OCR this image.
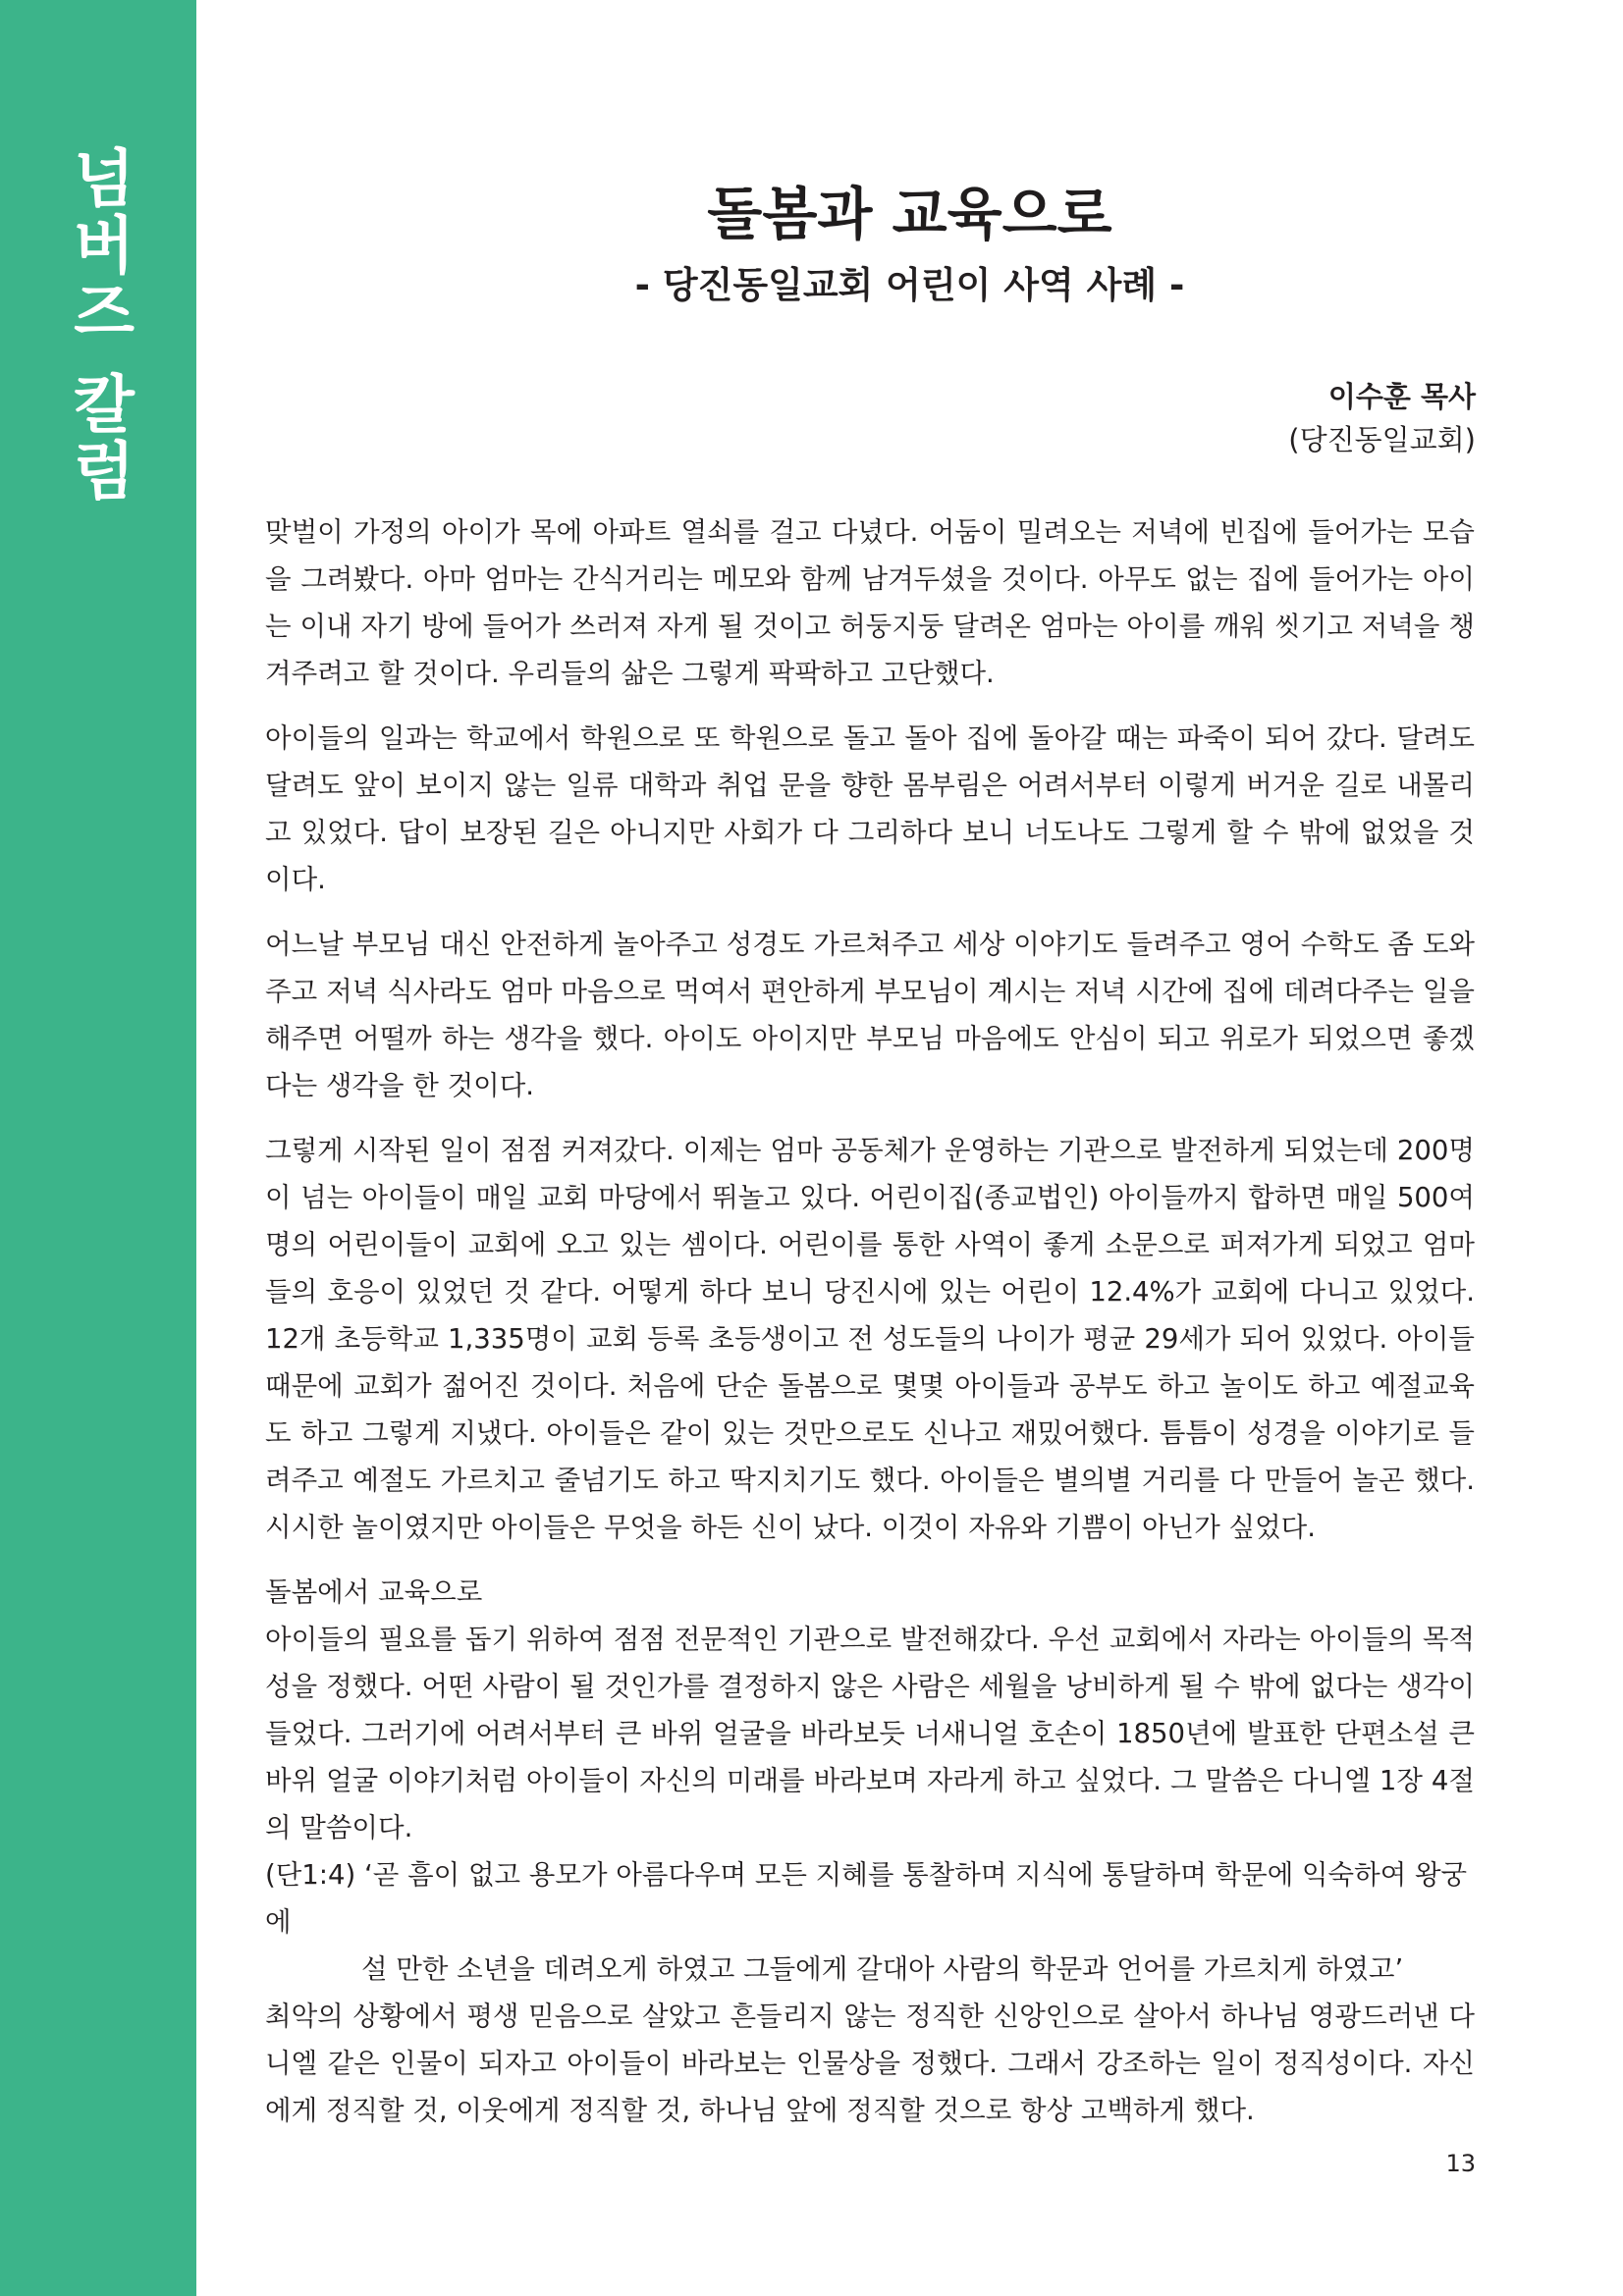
넘버즈 칼럼	돌봄과 교육으로
- 당진동일교회 어린이 사역 사례 -
이수훈 목사
(당진동일교회)

맞벌이 가정의 아이가 목에 아파트 열쇠를 걸고 다녔다. 어둠이 밀려오는 저녁에 빈집에 들어가는 모습을 그려봤다. 아마 엄마는 간식거리는 메모와 함께 남겨두셨을 것이다. 아무도 없는 집에 들어가는 아이는 이내 자기 방에 들어가 쓰러져 자게 될 것이고 허둥지둥 달려온 엄마는 아이를 깨워 씻기고 저녁을 챙겨주려고 할 것이다. 우리들의 삶은 그렇게 팍팍하고 고단했다.

아이들의 일과는 학교에서 학원으로 또 학원으로 돌고 돌아 집에 돌아갈 때는 파죽이 되어 갔다. 달려도 달려도 앞이 보이지 않는 일류 대학과 취업 문을 향한 몸부림은 어려서부터 이렇게 버거운 길로 내몰리고 있었다. 답이 보장된 길은 아니지만 사회가 다 그리하다 보니 너도나도 그렇게 할 수 밖에 없었을 것이다.

어느날 부모님 대신 안전하게 놀아주고 성경도 가르쳐주고 세상 이야기도 들려주고 영어 수학도 좀 도와주고 저녁 식사라도 엄마 마음으로 먹여서 편안하게 부모님이 계시는 저녁 시간에 집에 데려다주는 일을 해주면 어떨까 하는 생각을 했다. 아이도 아이지만 부모님 마음에도 안심이 되고 위로가 되었으면 좋겠다는 생각을 한 것이다.

그렇게 시작된 일이 점점 커져갔다. 이제는 엄마 공동체가 운영하는 기관으로 발전하게 되었는데 200명이 넘는 아이들이 매일 교회 마당에서 뛰놀고 있다. 어린이집(종교법인) 아이들까지 합하면 매일 500여명의 어린이들이 교회에 오고 있는 셈이다. 어린이를 통한 사역이 좋게 소문으로 퍼져가게 되었고 엄마들의 호응이 있었던 것 같다. 어떻게 하다 보니 당진시에 있는 어린이 12.4%가 교회에 다니고 있었다. 12개 초등학교 1,335명이 교회 등록 초등생이고 전 성도들의 나이가 평균 29세가 되어 있었다. 아이들 때문에 교회가 젊어진 것이다. 처음에 단순 돌봄으로 몇몇 아이들과 공부도 하고 놀이도 하고 예절교육도 하고 그렇게 지냈다. 아이들은 같이 있는 것만으로도 신나고 재밌어했다. 틈틈이 성경을 이야기로 들려주고 예절도 가르치고 줄넘기도 하고 딱지치기도 했다. 아이들은 별의별 거리를 다 만들어 놀곤 했다. 시시한 놀이였지만 아이들은 무엇을 하든 신이 났다. 이것이 자유와 기쁨이 아닌가 싶었다.

돌봄에서 교육으로

아이들의 필요를 돕기 위하여 점점 전문적인 기관으로 발전해갔다. 우선 교회에서 자라는 아이들의 목적성을 정했다. 어떤 사람이 될 것인가를 결정하지 않은 사람은 세월을 낭비하게 될 수 밖에 없다는 생각이 들었다. 그러기에 어려서부터 큰 바위 얼굴을 바라보듯 너새니얼 호손이 1850년에 발표한 단편소설 큰 바위 얼굴 이야기처럼 아이들이 자신의 미래를 바라보며 자라게 하고 싶었다. 그 말씀은 다니엘 1장 4절의 말씀이다.

(단1:4) ‘곧 흠이 없고 용모가 아름다우며 모든 지혜를 통찰하며 지식에 통달하며 학문에 익숙하여 왕궁에

설 만한 소년을 데려오게 하였고 그들에게 갈대아 사람의 학문과 언어를 가르치게 하였고’

최악의 상황에서 평생 믿음으로 살았고 흔들리지 않는 정직한 신앙인으로 살아서 하나님 영광드러낸 다니엘 같은 인물이 되자고 아이들이 바라보는 인물상을 정했다. 그래서 강조하는 일이 정직성이다. 자신에게 정직할 것, 이웃에게 정직할 것, 하나님 앞에 정직할 것으로 항상 고백하게 했다.

13
